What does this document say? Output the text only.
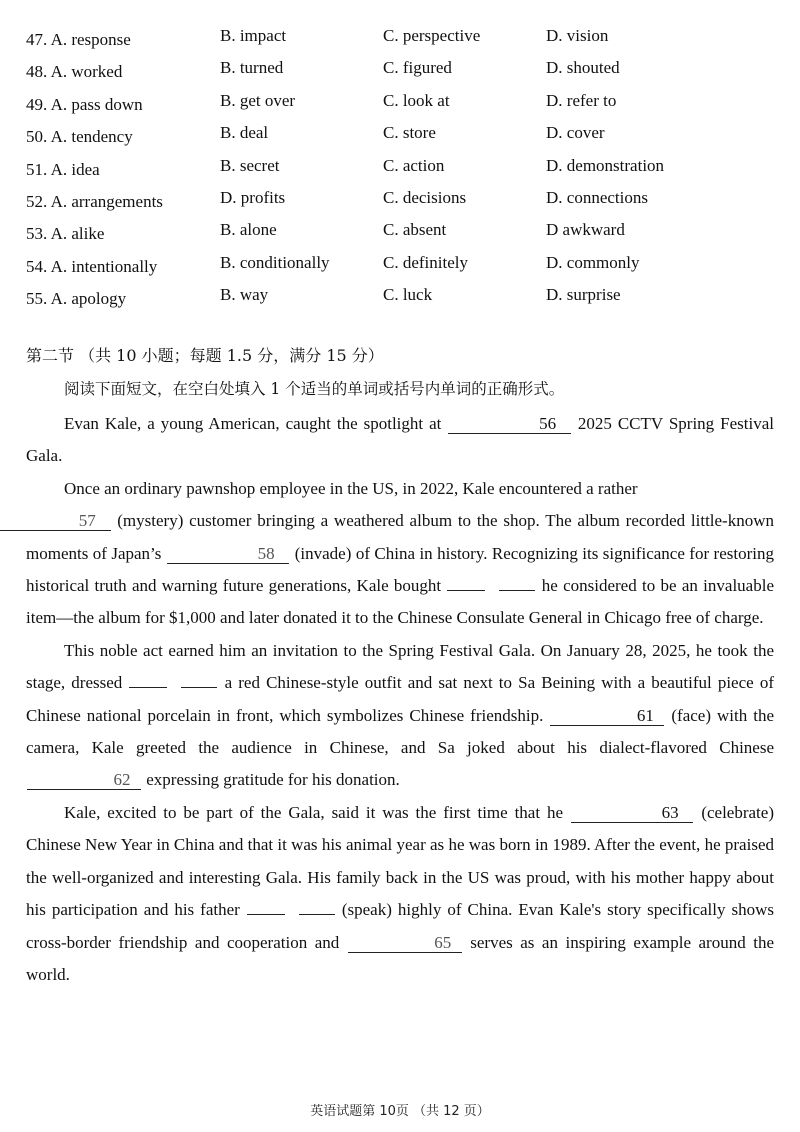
47. A. response	B. impact	C. perspective	D. vision
48. A. worked	B. turned	C. figured	D. shouted
49. A. pass down	B. get over	C. look at	D. refer to
50. A. tendency	B. deal	C. store	D. cover
51. A. idea	B. secret	C. action	D. demonstration
52. A. arrangements	D. profits	C. decisions	D. connections
53. A. alike	B. alone	C. absent	D awkward
54. A. intentionally	B. conditionally	C. definitely	D. commonly
55. A. apology	B. way	C. luck	D. surprise
第二节 （共 10 小题；每题 1.5 分，满分 15 分）
阅读下面短文，在空白处填入 1 个适当的单词或括号内单词的正确形式。

Evan Kale, a young American, caught the spotlight at	56    2025 CCTV Spring Festival Gala.

Once an ordinary pawnshop employee in the US, in 2022, Kale encountered a rather
57    (mystery) customer bringing a weathered album to the shop. The album recorded little-known moments of Japan’s	58    (invade) of China in history. Recognizing its significance for restoring historical truth and warning future generations, Kale bought	he considered to be an invaluable item—the album for $1,000 and later donated it to the Chinese Consulate General in Chicago free of charge.

This noble act earned him an invitation to the Spring Festival Gala. On January 28, 2025, he took the stage, dressed	a red Chinese-style outfit and sat next to Sa Beining with a beautiful piece of Chinese national porcelain in front, which symbolizes Chinese friendship.	61   (face) with the camera, Kale greeted the audience in Chinese, and Sa joked about his dialect-flavored Chinese   62   expressing gratitude for his donation.

Kale, excited to be part of the Gala, said it was the first time that he	63    (celebrate) Chinese New Year in China and that it was his animal year as he was born in 1989. After the event, he praised the well-organized and interesting Gala. His family back in the US was proud, with his mother happy about his participation and his father	(speak) highly of China. Evan Kale's story specifically shows cross-border friendship and cooperation and	65   serves as an inspiring example around the world.

英语试题第 10页 （共 12 页）
